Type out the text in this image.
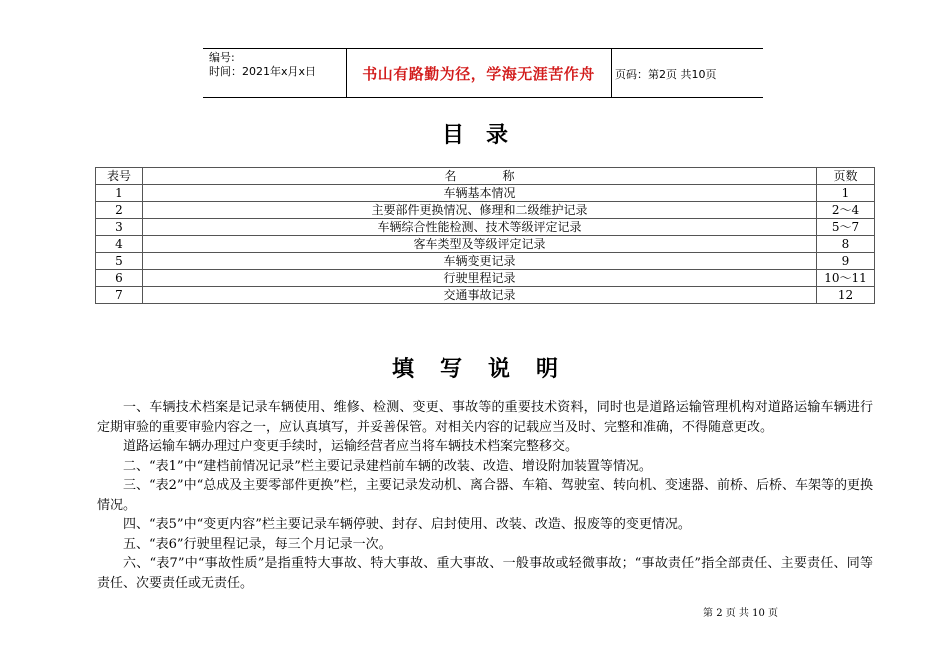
编号:
时间：2021年x月x日	书山有路勤为径，学海无涯苦作舟	页码：第2页 共10页
目录
表号	名称	页数
1	车辆基本情况	1
2	主要部件更换情况、修理和二级维护记录	2～4
3	车辆综合性能检测、技术等级评定记录	5～7
4	客车类型及等级评定记录	8
5	车辆变更记录	9
6	行驶里程记录	10～11
7	交通事故记录	12
填写说明

一、车辆技术档案是记录车辆使用、维修、检测、变更、事故等的重要技术资料，同时也是道路运输管理机构对道路运输车辆进行定期审验的重要审验内容之一，应认真填写，并妥善保管。对相关内容的记载应当及时、完整和准确，不得随意更改。

道路运输车辆办理过户变更手续时，运输经营者应当将车辆技术档案完整移交。

二、“表1”中“建档前情况记录”栏主要记录建档前车辆的改装、改造、增设附加装置等情况。

三、“表2”中“总成及主要零部件更换”栏，主要记录发动机、离合器、车箱、驾驶室、转向机、变速器、前桥、后桥、车架等的更换情况。

四、“表5”中“变更内容”栏主要记录车辆停驶、封存、启封使用、改装、改造、报废等的变更情况。

五、“表6”行驶里程记录，每三个月记录一次。

六、“表7”中“事故性质”是指重特大事故、特大事故、重大事故、一般事故或轻微事故；“事故责任”指全部责任、主要责任、同等责任、次要责任或无责任。

第 2 页 共 10 页
